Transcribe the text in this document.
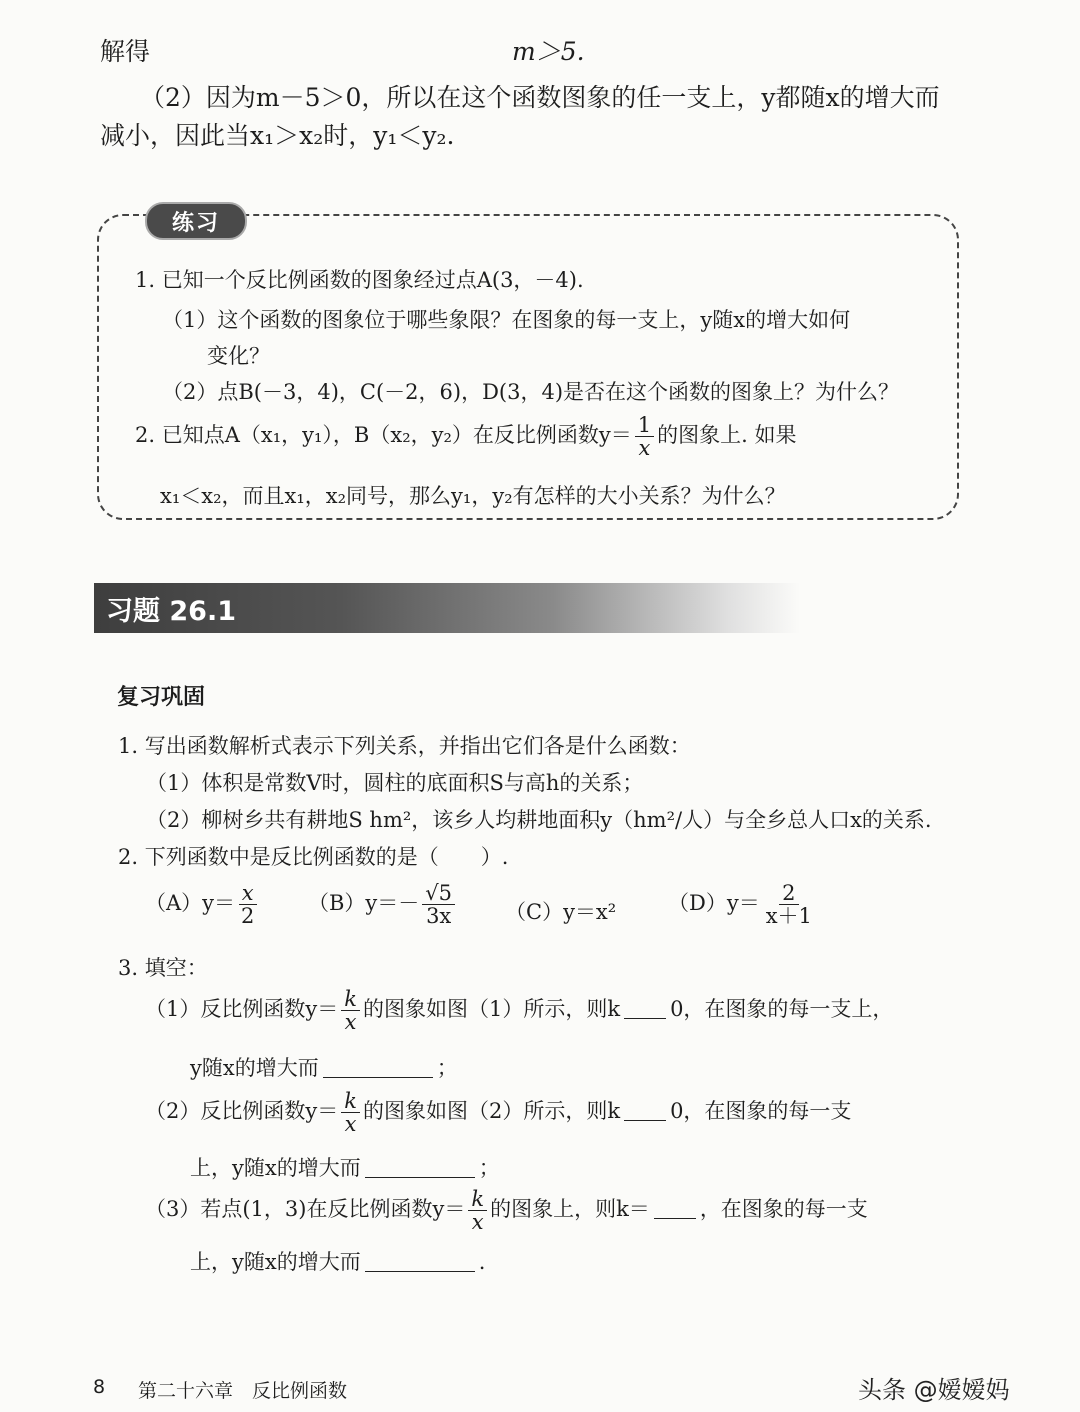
解得	m＞5.
（2）因为m－5＞0，所以在这个函数图象的任一支上，y都随x的增大而
减小，因此当x₁＞x₂时，y₁＜y₂.
练习
1. 已知一个反比例函数的图象经过点A(3，－4).
（1）这个函数的图象位于哪些象限？在图象的每一支上，y随x的增大如何
变化？
（2）点B(－3，4)，C(－2，6)，D(3，4)是否在这个函数的图象上？为什么？
2. 已知点A（x₁，y₁），B（x₂，y₂）在反比例函数$y= \frac{1}{x}$ 的图象上. 如果
x₁＜x₂，而且x₁，x₂同号，那么y₁，y₂有怎样的大小关系？为什么？
习题 26.1
复习巩固
1. 写出函数解析式表示下列关系，并指出它们各是什么函数：
（1）体积是常数V时，圆柱的底面积S与高h的关系；
（2）柳树乡共有耕地S hm²，该乡人均耕地面积y（hm²/人）与全乡总人口x的关系.
2. 下列函数中是反比例函数的是（　　）.
$(A)y= \frac{x}{2} (B)y=- \frac{√5}{3x} (C)y=x^2$ $(D)y= \frac{2}{x+1}$
3. 填空：
（1）反比例函数$y= \frac{k}{x}$ 的图象如图（1）所示，则k 0，在图象的每一支上，
y随x的增大而	；
（2）反比例函数$y= \frac{k}{x}$ 的图象如图（2）所示，则k 0，在图象的每一支
上，y随x的增大而	；
（3）若点(1，3)在反比例函数$y= \frac{k}{x}$ 的图象上，则k＝ ，在图象的每一支
上，y随x的增大而	.
8 第二十六章　反比例函数	头条 @嫒嫒妈
